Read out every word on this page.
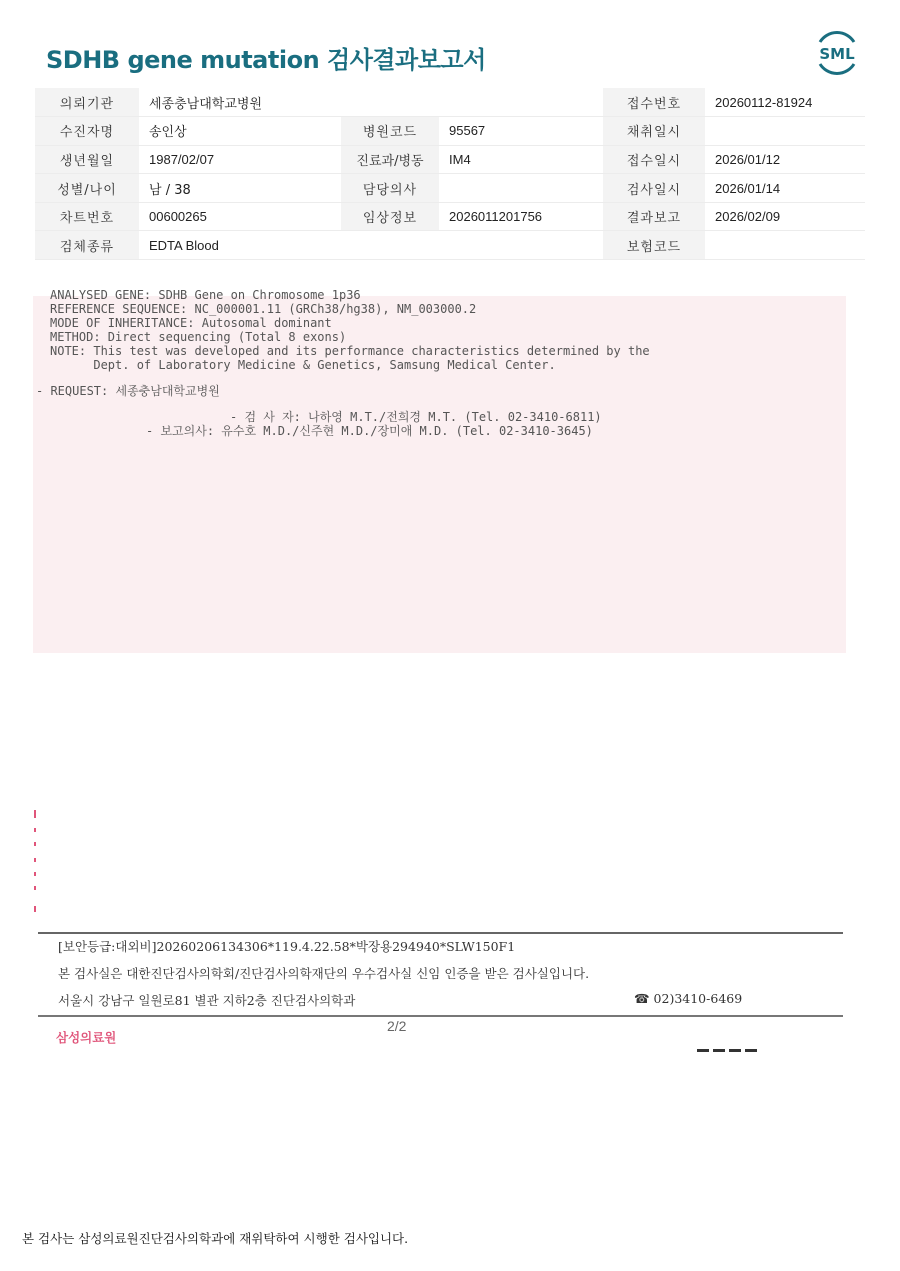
SDHB gene mutation 검사결과보고서	SML
의뢰기관	세종충남대학교병원			접수번호	20260112-81924
수진자명	송인상	병원코드	95567	채취일시	
생년월일	1987/02/07	진료과/병동	IM4	접수일시	2026/01/12
성별/나이	남 / 38	담당의사		검사일시	2026/01/14
차트번호	00600265	임상정보	2026011201756	결과보고	2026/02/09
검체종류	EDTA Blood			보험코드	
ANALYSED GENE: SDHB Gene on Chromosome 1p36
REFERENCE SEQUENCE: NC_000001.11 (GRCh38/hg38), NM_003000.2
MODE OF INHERITANCE: Autosomal dominant
METHOD: Direct sequencing (Total 8 exons)
NOTE: This test was developed and its performance characteristics determined by the
Dept. of Laboratory Medicine & Genetics, Samsung Medical Center.
- REQUEST: 세종충남대학교병원
- 검 사 자: 나하영 M.T./전희경 M.T. (Tel. 02-3410-6811)
- 보고의사: 유수호 M.D./신주현 M.D./장미애 M.D. (Tel. 02-3410-3645)
[보안등급:대외비]20260206134306*119.4.22.58*박장용294940*SLW150F1
본 검사실은 대한진단검사의학회/진단검사의학재단의 우수검사실 신임 인증을 받은 검사실입니다.
서울시 강남구 일원로81 별관 지하2층 진단검사의학과	☎ 02)3410-6469
삼성의료원
2/2
본 검사는 삼성의료원진단검사의학과에 재위탁하여 시행한 검사입니다.
